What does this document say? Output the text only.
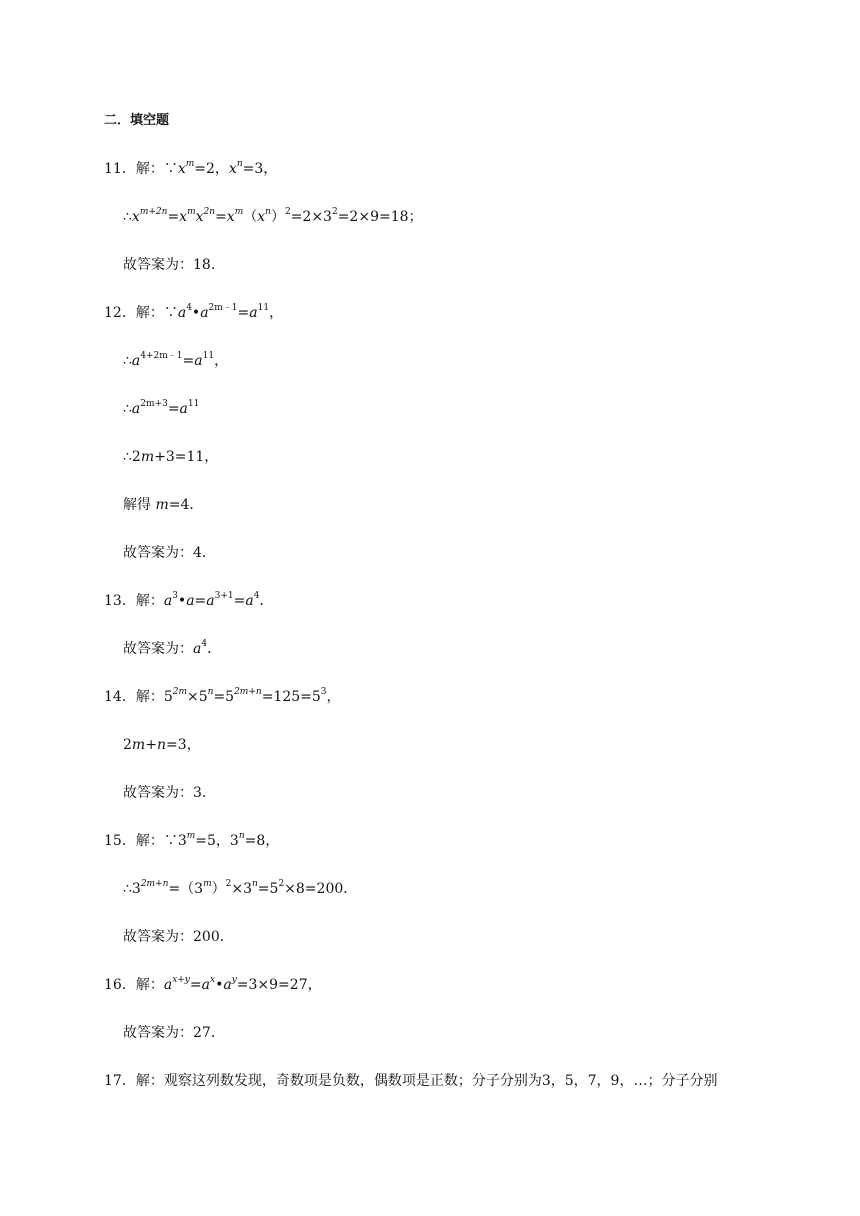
二．填空题
11．解：$\because x^m=2$，$x^n=3$，
$\therefore x^{m+2n}=x^mx^{2n}=x^m(x^n)^2=2\times 3^2=2\times 9=18$；
故答案为：18．
12．解：$\because a^4•a^{2m﹣1}=a^{11}$，
$\therefore a^{4+2m﹣1}=a^{11}$，
$\therefore a^{2m+3}=a^{11}$
∴2m+3=11，
解得 m=4．
故答案为：4．
13．解：$a^3•a=a^{3+1}=a^4$．
故答案为：$a^4$．
14．解：$5^{2m}\times 5^n=5^{2m+n}=125=5^3$，
2m+n=3，
故答案为：3．
15．解：$\because 3^m=5$，$3^n=8$，
$\therefore 3^{2m+n}=(3^m)^2\times 3^n=5^2\times 8=200$．
故答案为：200．
16．解：$a^{x+y}=a^x•a^y=3\times 9=27$，
故答案为：27．
17．解：观察这列数发现，奇数项是负数，偶数项是正数；分子分别为3，5，7，9，…；分子分别
